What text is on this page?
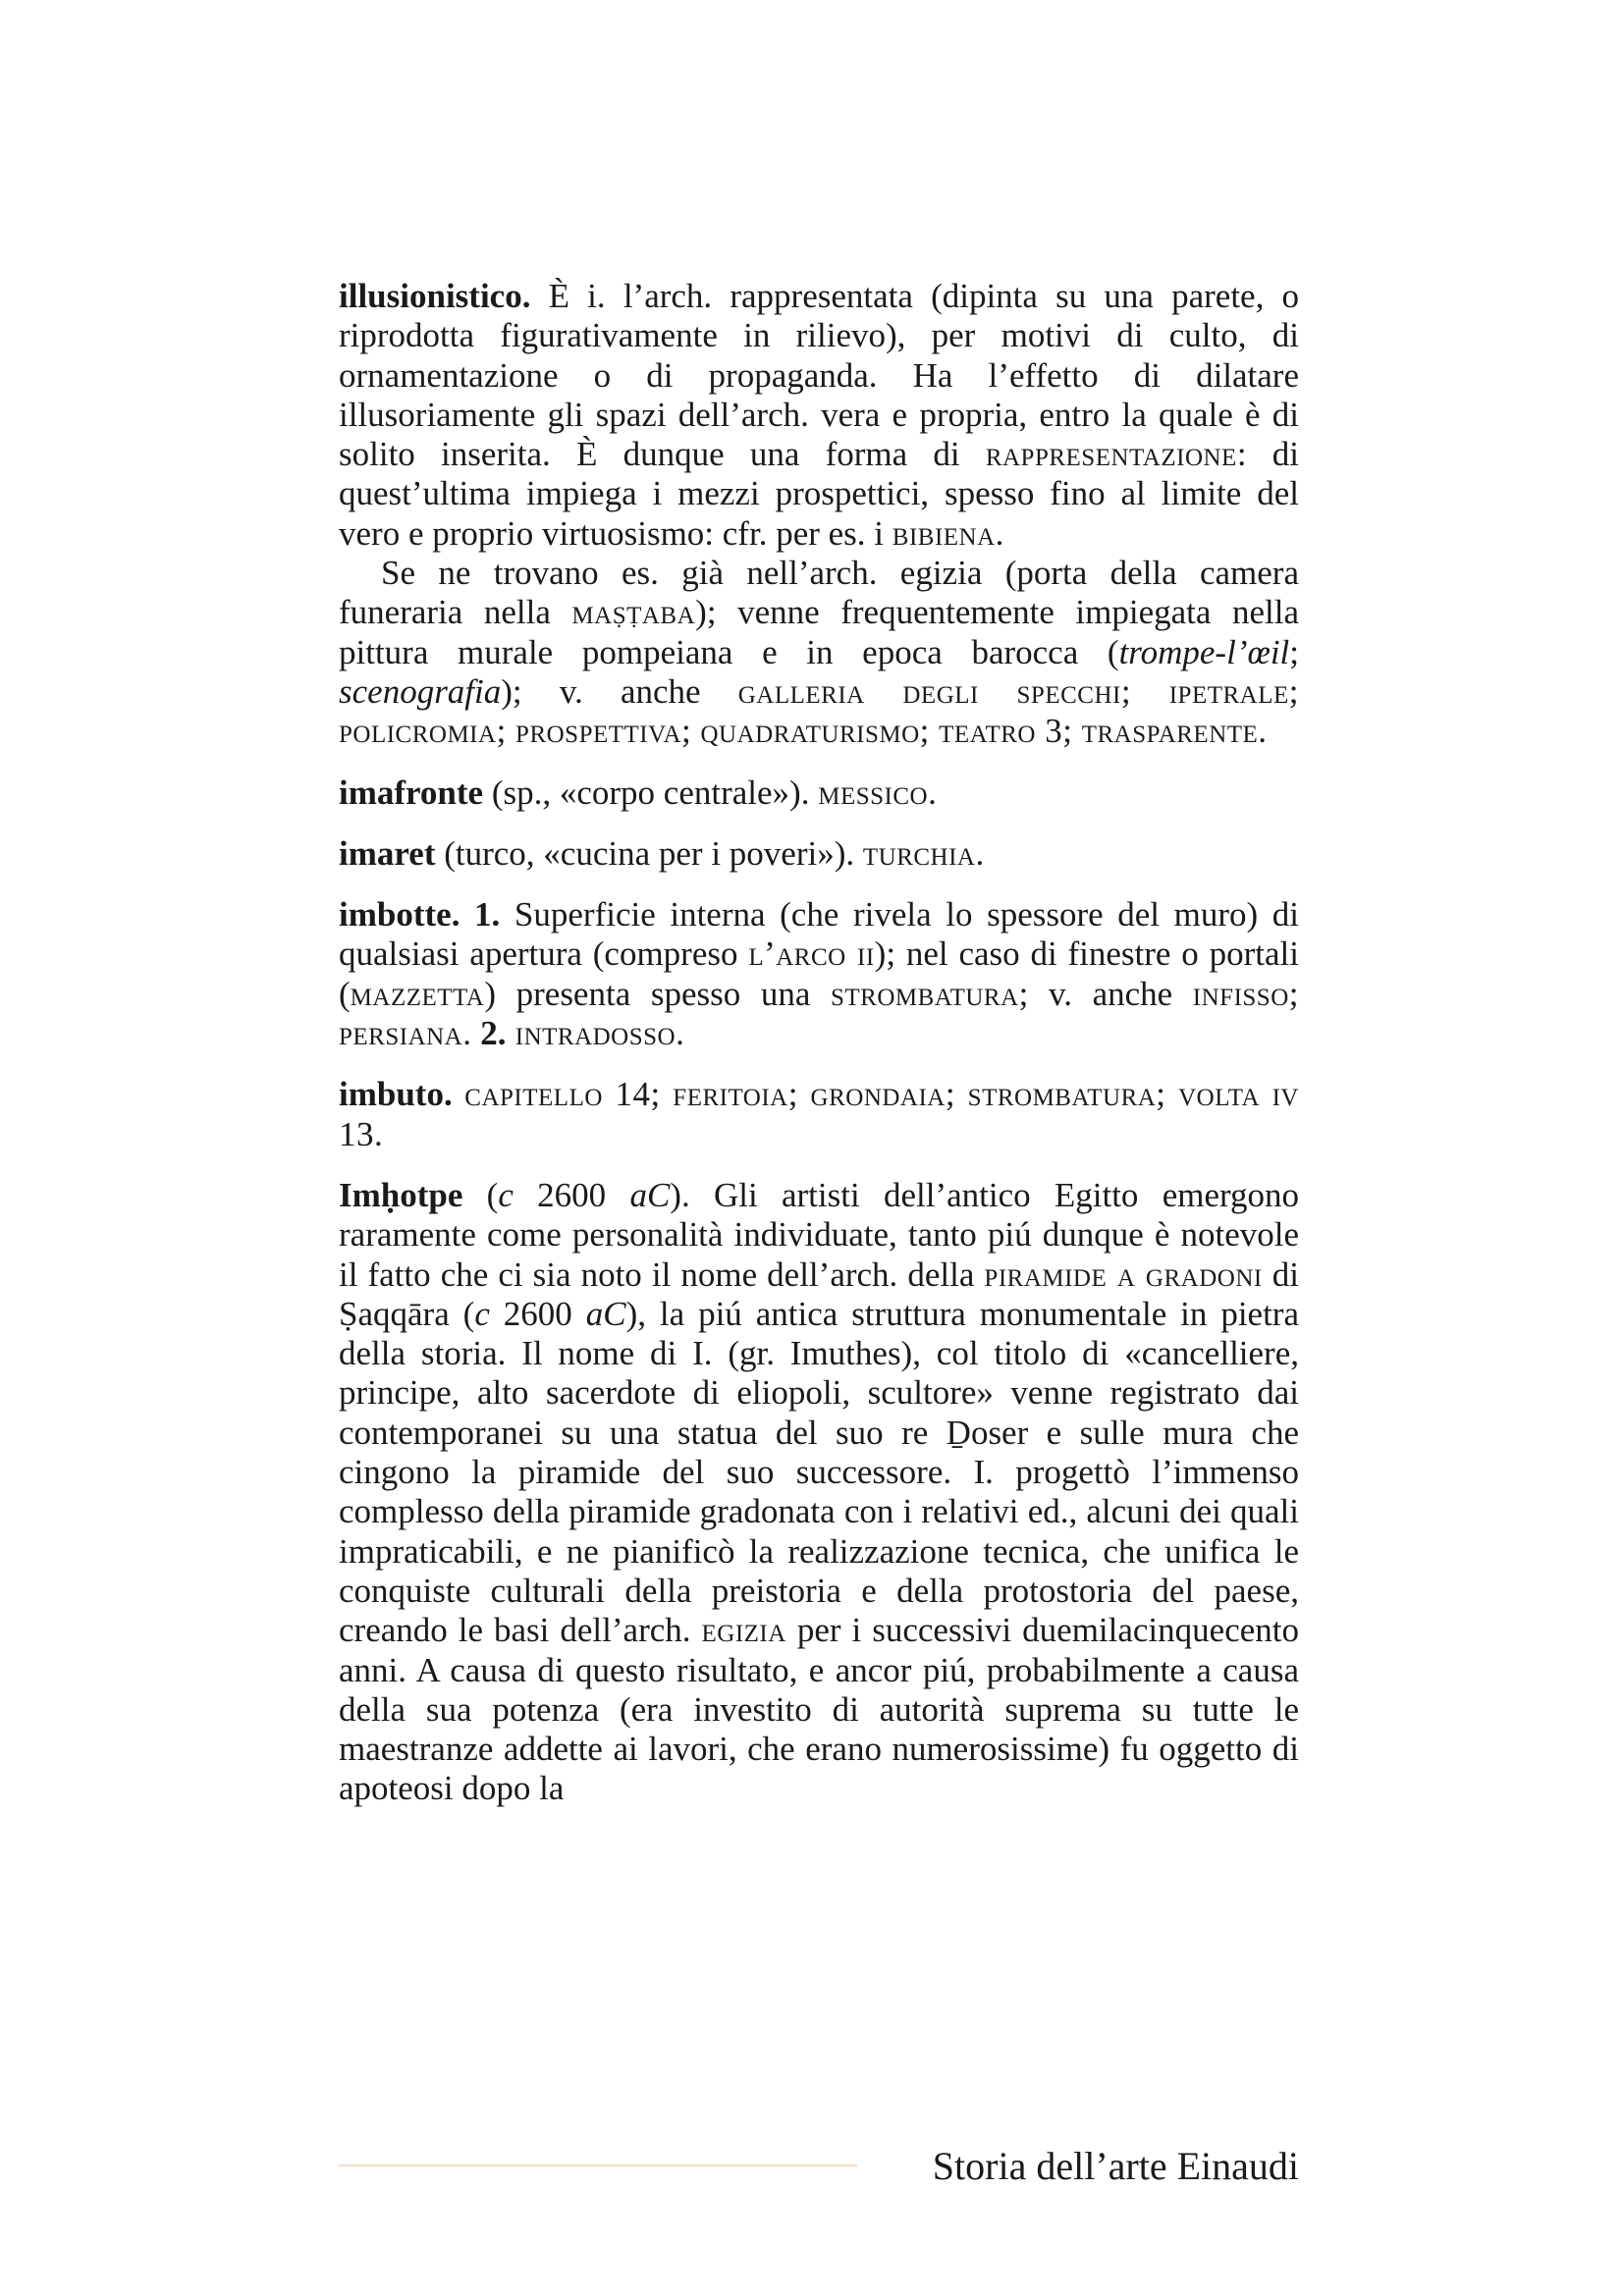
illusionistico. È i. l’arch. rappresentata (dipinta su una parete, o riprodotta figurativamente in rilievo), per motivi di culto, di ornamentazione o di propaganda. Ha l’effetto di dilatare illusoriamente gli spazi dell’arch. vera e propria, entro la quale è di solito inserita. È dunque una forma di rappresentazione: di quest’ultima impiega i mezzi prospettici, spesso fino al limite del vero e proprio virtuosismo: cfr. per es. i bibiena.

Se ne trovano es. già nell’arch. egizia (porta della camera funeraria nella maṣṭaba); venne frequentemente impiegata nella pittura murale pompeiana e in epoca barocca (trompe-l’œil; scenografia); v. anche galleria degli specchi; ipetrale; policromia; prospettiva; quadraturismo; teatro 3; trasparente.

imafronte (sp., «corpo centrale»). messico.

imaret (turco, «cucina per i poveri»). turchia.

imbotte. 1. Superficie interna (che rivela lo spessore del muro) di qualsiasi apertura (compreso l’arco ii); nel caso di finestre o portali (mazzetta) presenta spesso una strombatura; v. anche infisso; persiana. 2. intradosso.

imbuto. capitello 14; feritoia; grondaia; strombatura; volta iv 13.

Imḥotpe (c 2600 aC). Gli artisti dell’antico Egitto emergono raramente come personalità individuate, tanto piú dunque è notevole il fatto che ci sia noto il nome dell’arch. della piramide a gradoni di Ṣaqqāra (c 2600 aC), la piú antica struttura monumentale in pietra della storia. Il nome di I. (gr. Imuthes), col titolo di «cancelliere, principe, alto sacerdote di eliopoli, scultore» venne registrato dai contemporanei su una statua del suo re Ḏoser e sulle mura che cingono la piramide del suo successore. I. progettò l’immenso complesso della piramide gradonata con i relativi ed., alcuni dei quali impraticabili, e ne pianificò la realizzazione tecnica, che unifica le conquiste culturali della preistoria e della protostoria del paese, creando le basi dell’arch. egizia per i successivi duemilacinquecento anni. A causa di questo risultato, e ancor piú, probabilmente a causa della sua potenza (era investito di autorità suprema su tutte le maestranze addette ai lavori, che erano numerosissime) fu oggetto di apoteosi dopo la

Storia dell’arte Einaudi
